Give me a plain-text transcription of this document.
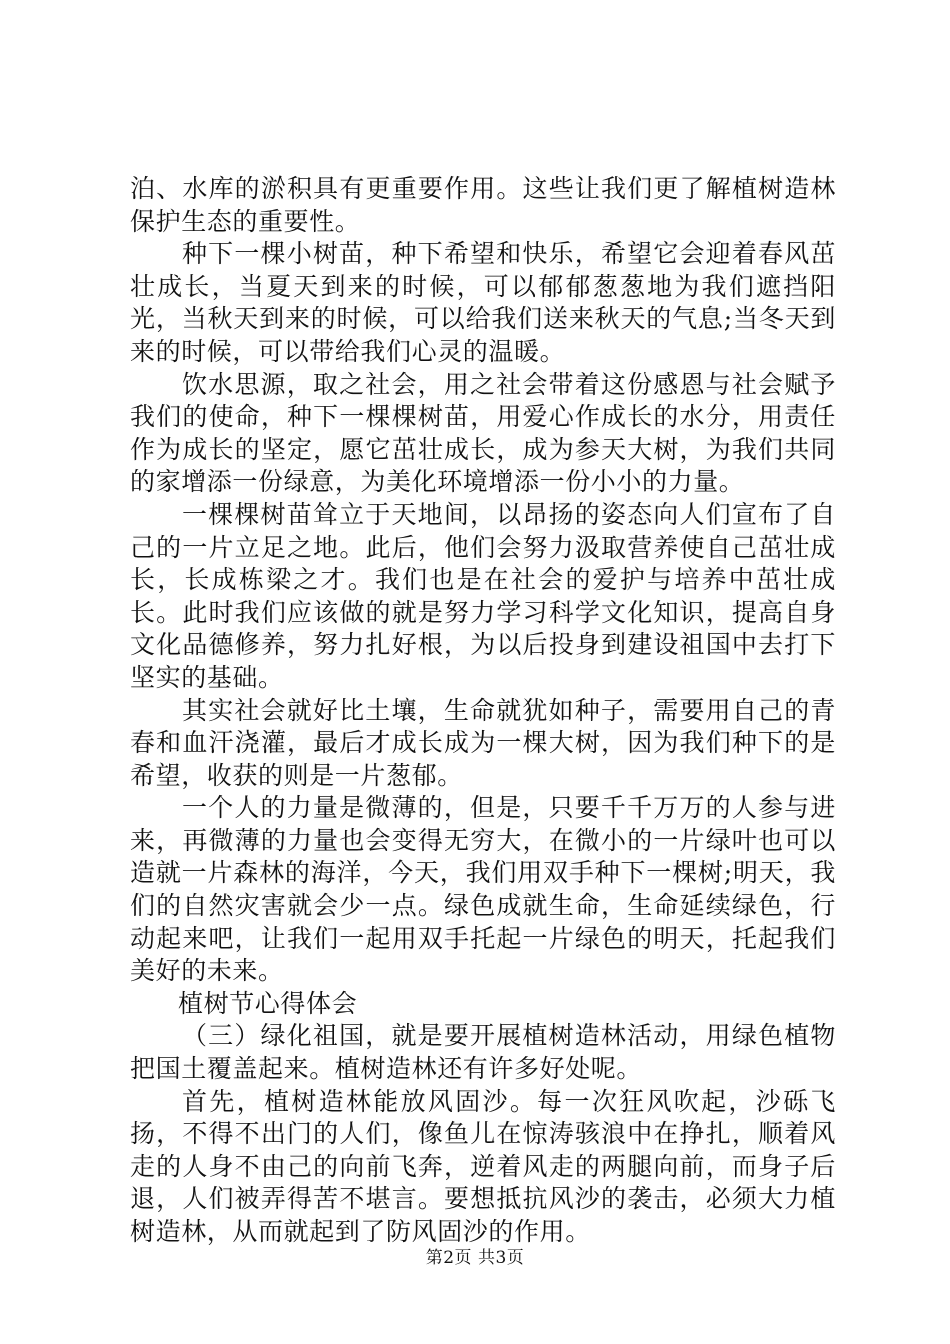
泊、水库的淤积具有更重要作用。这些让我们更了解植树造林保护生态的重要性。

种下一棵小树苗，种下希望和快乐，希望它会迎着春风茁壮成长，当夏天到来的时候，可以郁郁葱葱地为我们遮挡阳光，当秋天到来的时候，可以给我们送来秋天的气息;当冬天到来的时候，可以带给我们心灵的温暖。

饮水思源，取之社会，用之社会带着这份感恩与社会赋予我们的使命，种下一棵棵树苗，用爱心作成长的水分，用责任作为成长的坚定，愿它茁壮成长，成为参天大树，为我们共同的家增添一份绿意，为美化环境增添一份小小的力量。

一棵棵树苗耸立于天地间，以昂扬的姿态向人们宣布了自己的一片立足之地。此后，他们会努力汲取营养使自己茁壮成长，长成栋梁之才。我们也是在社会的爱护与培养中茁壮成长。此时我们应该做的就是努力学习科学文化知识，提高自身文化品德修养，努力扎好根，为以后投身到建设祖国中去打下坚实的基础。

其实社会就好比土壤，生命就犹如种子，需要用自己的青春和血汗浇灌，最后才成长成为一棵大树，因为我们种下的是希望，收获的则是一片葱郁。

一个人的力量是微薄的，但是，只要千千万万的人参与进来，再微薄的力量也会变得无穷大，在微小的一片绿叶也可以造就一片森林的海洋，今天，我们用双手种下一棵树;明天，我们的自然灾害就会少一点。绿色成就生命，生命延续绿色，行动起来吧，让我们一起用双手托起一片绿色的明天，托起我们美好的未来。

植树节心得体会

（三）绿化祖国，就是要开展植树造林活动，用绿色植物把国土覆盖起来。植树造林还有许多好处呢。

首先，植树造林能放风固沙。每一次狂风吹起，沙砾飞扬，不得不出门的人们，像鱼儿在惊涛骇浪中在挣扎，顺着风走的人身不由己的向前飞奔，逆着风走的两腿向前，而身子后退，人们被弄得苦不堪言。要想抵抗风沙的袭击，必须大力植树造林，从而就起到了防风固沙的作用。

第2页 共3页
